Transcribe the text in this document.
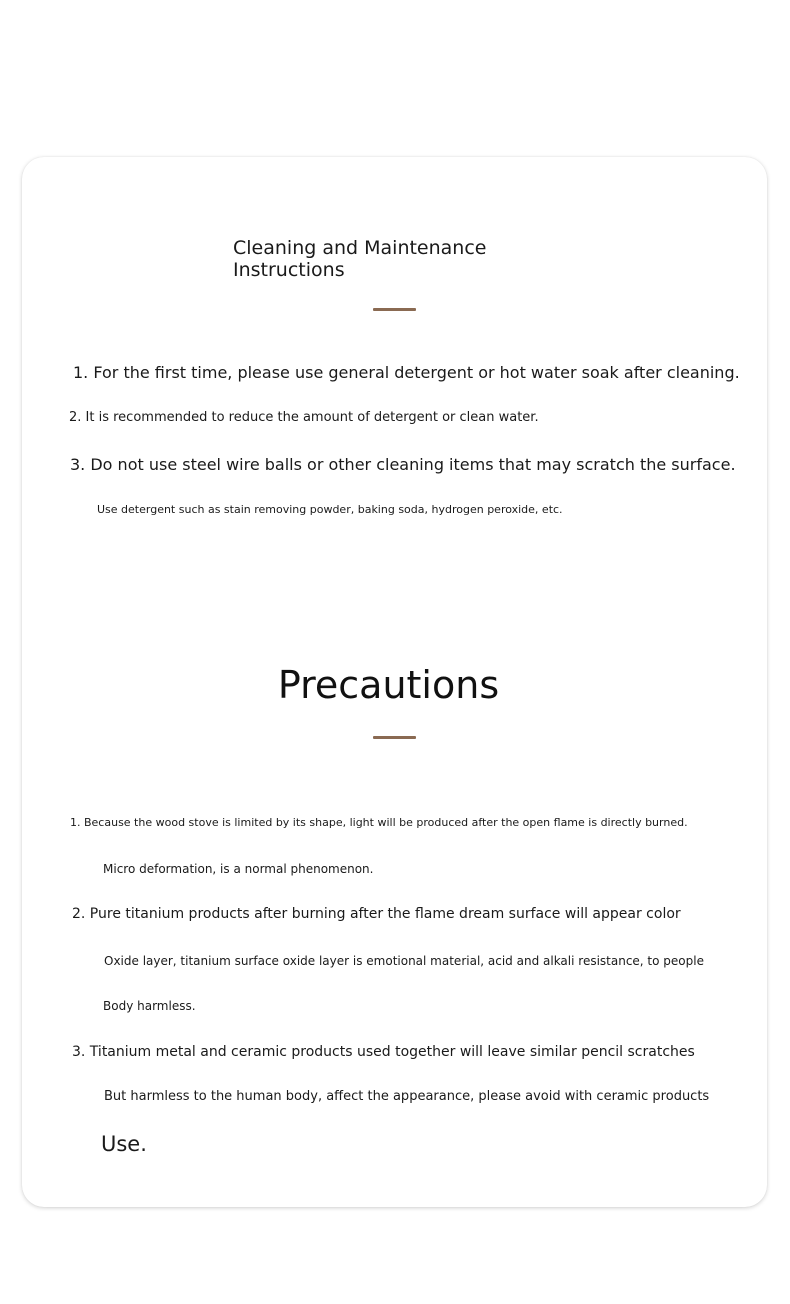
Cleaning and Maintenance Instructions

1. For the first time, please use general detergent or hot water soak after cleaning.

2. It is recommended to reduce the amount of detergent or clean water.

3. Do not use steel wire balls or other cleaning items that may scratch the surface.

Use detergent such as stain removing powder, baking soda, hydrogen peroxide, etc.

Precautions

1. Because the wood stove is limited by its shape, light will be produced after the open flame is directly burned.

Micro deformation, is a normal phenomenon.

2. Pure titanium products after burning after the flame dream surface will appear color

Oxide layer, titanium surface oxide layer is emotional material, acid and alkali resistance, to people

Body harmless.

3. Titanium metal and ceramic products used together will leave similar pencil scratches

But harmless to the human body, affect the appearance, please avoid with ceramic products

Use.
